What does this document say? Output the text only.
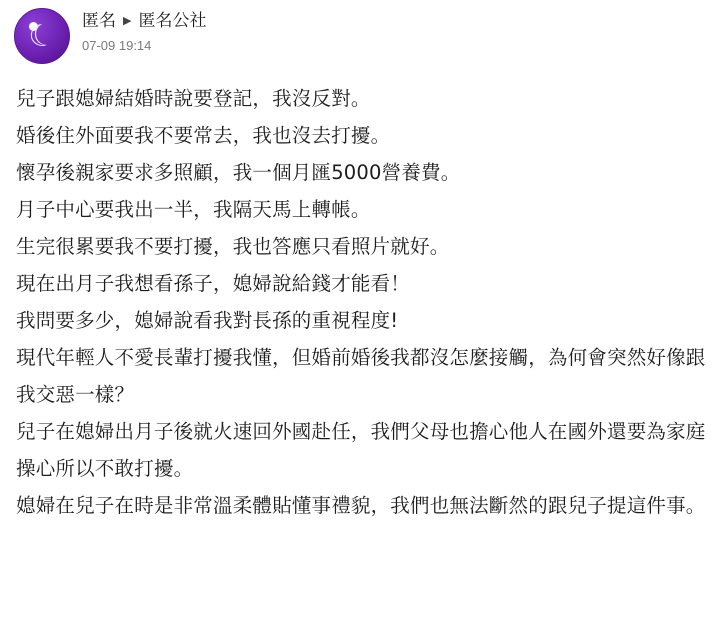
☾	匿名 ▶ 匿名公社
07-09 19:14

兒子跟媳婦結婚時說要登記，我沒反對。

婚後住外面要我不要常去，我也沒去打擾。

懷孕後親家要求多照顧，我一個月匯5000營養費。

月子中心要我出一半，我隔天馬上轉帳。

生完很累要我不要打擾，我也答應只看照片就好。

現在出月子我想看孫子，媳婦說給錢才能看！

我問要多少，媳婦說看我對長孫的重視程度!

現代年輕人不愛長輩打擾我懂，但婚前婚後我都沒怎麼接觸，為何會突然好像跟我交惡一樣？

兒子在媳婦出月子後就火速回外國赴任，我們父母也擔心他人在國外還要為家庭操心所以不敢打擾。

媳婦在兒子在時是非常溫柔體貼懂事禮貌，我們也無法斷然的跟兒子提這件事。
